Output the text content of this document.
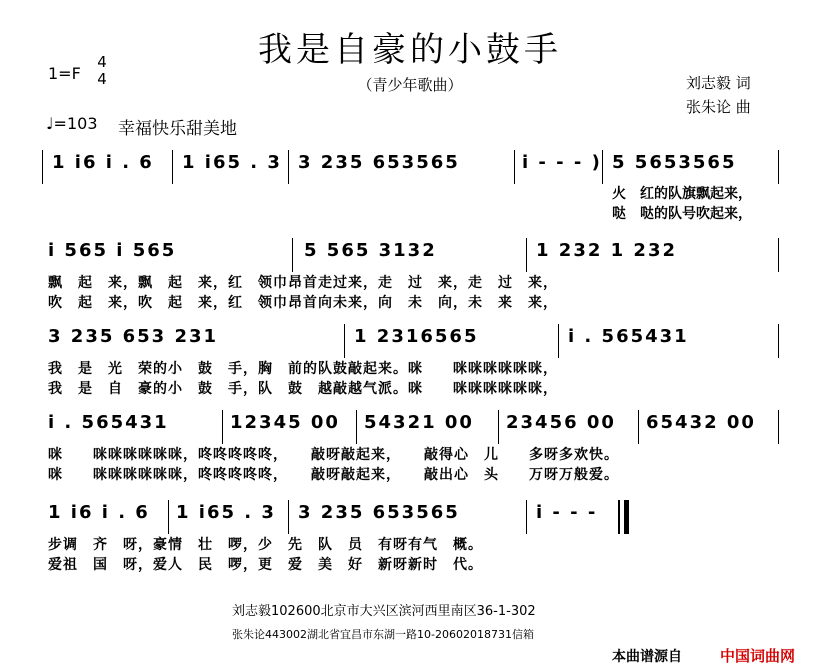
我是自豪的小鼓手
（青少年歌曲）
1=F
4
4	刘志毅 词
张朱论 曲
♩=103 幸福快乐甜美地
1 i6 i . 6 1 i65 . 3 3 235 653565	i - - - ) 5 5653565
火　红的队旗飘起来，
哒　哒的队号吹起来，
i 565 i 565	5 565 3132	1 232 1 232
飘　起　来，飘　起　来，红　领巾昂首走过来，走　过　来，走　过　来，
吹　起　来，吹　起　来，红　领巾昂首向未来，向　未　向，未　来　来，
3 235 653 231	1 2316565	i . 565431
我　是　光　荣的小　鼓　手，胸　前的队鼓敲起来。咪　　咪咪咪咪咪咪，
我　是　自　豪的小　鼓　手，队　鼓　越敲越气派。咪　　咪咪咪咪咪咪，
i . 565431	12345 00 54321 00 23456 00 65432 00
咪　　咪咪咪咪咪咪，咚咚咚咚咚，　　敲呀敲起来，　　敲得心　儿　　多呀多欢快。
咪　　咪咪咪咪咪咪，咚咚咚咚咚，　　敲呀敲起来，　　敲出心　头　　万呀万般爱。
1 i6 i . 6 1 i65 . 3 3 235 653565	i - - -
步调　齐　呀，豪情　壮　啰，少　先　队　员　有呀有气　概。
爱祖　国　呀，爱人　民　啰，更　爱　美　好　新呀新时　代。
刘志毅102600北京市大兴区滨河西里南区36-1-302
张朱论443002湖北省宜昌市东湖一路10-20602018731信箱
本曲谱源自	中国词曲网
